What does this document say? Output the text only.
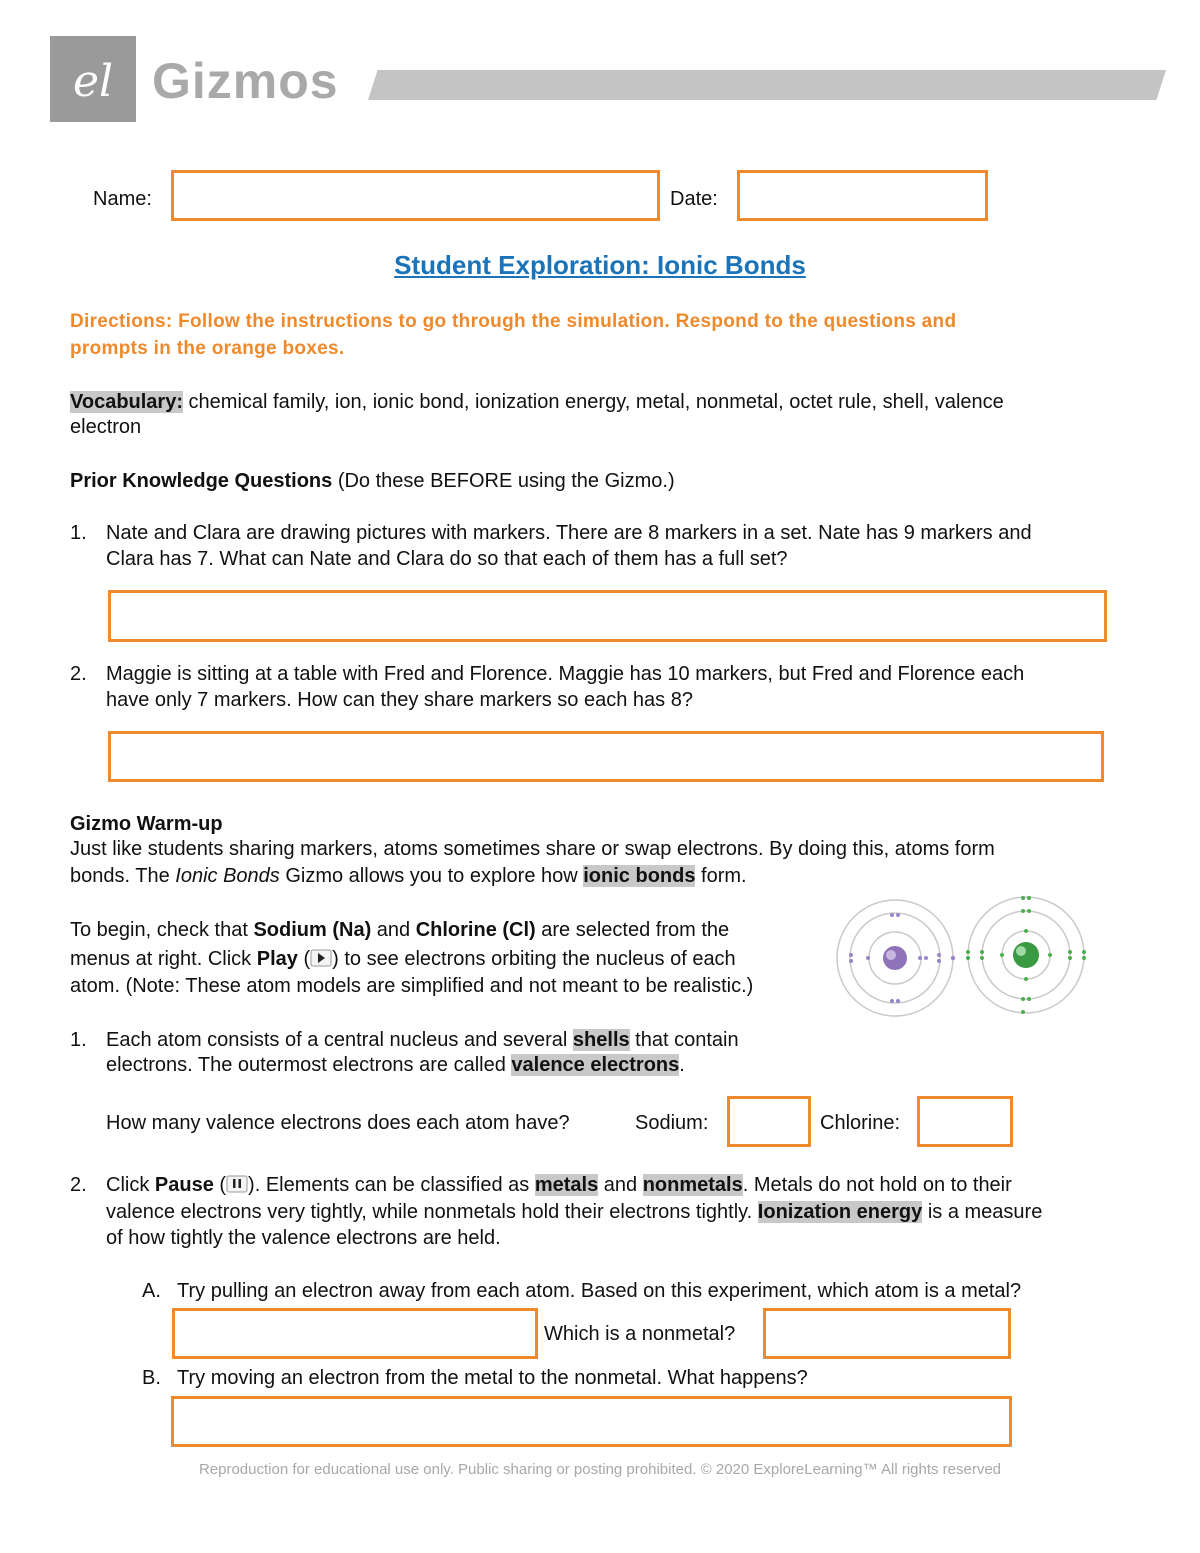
el Gizmos
Name:	Date:
Student Exploration: Ionic Bonds
Directions: Follow the instructions to go through the simulation. Respond to the questions and
prompts in the orange boxes.
Vocabulary: chemical family, ion, ionic bond, ionization energy, metal, nonmetal, octet rule, shell, valence
electron
Prior Knowledge Questions (Do these BEFORE using the Gizmo.)
1. Nate and Clara are drawing pictures with markers. There are 8 markers in a set. Nate has 9 markers and
Clara has 7. What can Nate and Clara do so that each of them has a full set?
2. Maggie is sitting at a table with Fred and Florence. Maggie has 10 markers, but Fred and Florence each
have only 7 markers. How can they share markers so each has 8?
Gizmo Warm-up
Just like students sharing markers, atoms sometimes share or swap electrons. By doing this, atoms form
bonds. The Ionic Bonds Gizmo allows you to explore how ionic bonds form.
To begin, check that Sodium (Na) and Chlorine (Cl) are selected from the
menus at right. Click Play ( ) to see electrons orbiting the nucleus of each
atom. (Note: These atom models are simplified and not meant to be realistic.)
1. Each atom consists of a central nucleus and several shells that contain
electrons. The outermost electrons are called valence electrons.
How many valence electrons does each atom have?	Sodium:	Chlorine:
2. Click Pause ( ). Elements can be classified as metals and nonmetals. Metals do not hold on to their
valence electrons very tightly, while nonmetals hold their electrons tightly. Ionization energy is a measure
of how tightly the valence electrons are held.
A. Try pulling an electron away from each atom. Based on this experiment, which atom is a metal?
Which is a nonmetal?
B. Try moving an electron from the metal to the nonmetal. What happens?
Reproduction for educational use only. Public sharing or posting prohibited. © 2020 ExploreLearning™ All rights reserved
